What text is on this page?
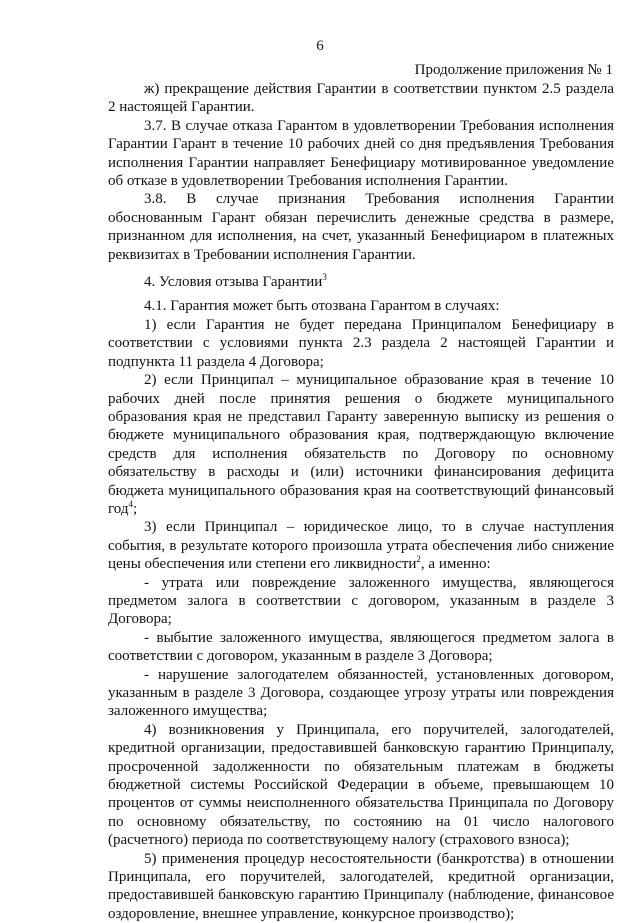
6
Продолжение приложения № 1

ж) прекращение действия Гарантии в соответствии пунктом 2.5 раздела 2 настоящей Гарантии.

3.7. В случае отказа Гарантом в удовлетворении Требования исполнения Гарантии Гарант в течение 10 рабочих дней со дня предъявления Требования исполнения Гарантии направляет Бенефициару мотивированное уведомление об отказе в удовлетворении Требования исполнения Гарантии.

3.8. В случае признания Требования исполнения Гарантии обоснованным Гарант обязан перечислить денежные средства в размере, признанном для исполнения, на счет, указанный Бенефициаром в платежных реквизитах в Требовании исполнения Гарантии.

4. Условия отзыва Гарантии$^3$

4.1. Гарантия может быть отозвана Гарантом в случаях:

1) если Гарантия не будет передана Принципалом Бенефициару в соответствии с условиями пункта 2.3 раздела 2 настоящей Гарантии и подпункта 11 раздела 4 Договора;

2) если Принципал – муниципальное образование края в течение 10 рабочих дней после принятия решения о бюджете муниципального образования края не представил Гаранту заверенную выписку из решения о бюджете муниципального образования края, подтверждающую включение средств для исполнения обязательств по Договору по основному обязательству в расходы и (или) источники финансирования дефицита бюджета муниципального образования края на соответствующий финансовый год$^4$;

3) если Принципал – юридическое лицо, то в случае наступления события, в результате которого произошла утрата обеспечения либо снижение цены обеспечения или степени его ликвидности$^2$, а именно:

- утрата или повреждение заложенного имущества, являющегося предметом залога в соответствии с договором, указанным в разделе 3 Договора;

- выбытие заложенного имущества, являющегося предметом залога в соответствии с договором, указанным в разделе 3 Договора;

- нарушение залогодателем обязанностей, установленных договором, указанным в разделе 3 Договора, создающее угрозу утраты или повреждения заложенного имущества;

4) возникновения у Принципала, его поручителей, залогодателей, кредитной организации, предоставившей банковскую гарантию Принципалу, просроченной задолженности по обязательным платежам в бюджеты бюджетной системы Российской Федерации в объеме, превышающем 10 процентов от суммы неисполненного обязательства Принципала по Договору по основному обязательству, по состоянию на 01 число налогового (расчетного) периода по соответствующему налогу (страхового взноса);

5) применения процедур несостоятельности (банкротства) в отношении Принципала, его поручителей, залогодателей, кредитной организации, предоставившей банковскую гарантию Принципалу (наблюдение, финансовое оздоровление, внешнее управление, конкурсное производство);
